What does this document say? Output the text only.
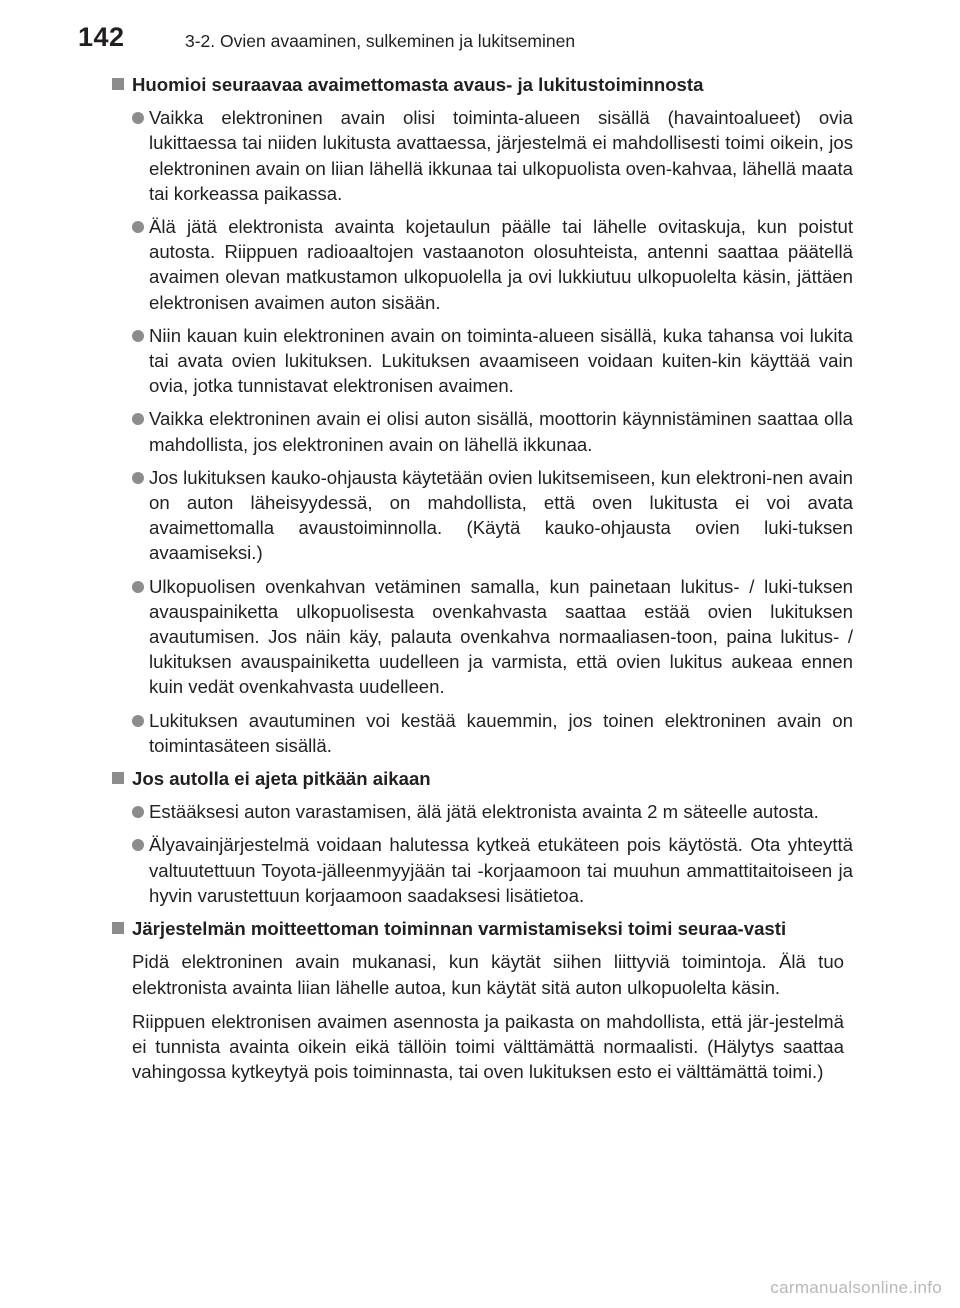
142	3-2. Ovien avaaminen, sulkeminen ja lukitseminen
Huomioi seuraavaa avaimettomasta avaus- ja lukitustoiminnosta
Vaikka elektroninen avain olisi toiminta-alueen sisällä (havaintoalueet) ovia lukittaessa tai niiden lukitusta avattaessa, järjestelmä ei mahdollisesti toimi oikein, jos elektroninen avain on liian lähellä ikkunaa tai ulkopuolista oven-kahvaa, lähellä maata tai korkeassa paikassa.
Älä jätä elektronista avainta kojetaulun päälle tai lähelle ovitaskuja, kun poistut autosta. Riippuen radioaaltojen vastaanoton olosuhteista, antenni saattaa päätellä avaimen olevan matkustamon ulkopuolella ja ovi lukkiutuu ulkopuolelta käsin, jättäen elektronisen avaimen auton sisään.
Niin kauan kuin elektroninen avain on toiminta-alueen sisällä, kuka tahansa voi lukita tai avata ovien lukituksen. Lukituksen avaamiseen voidaan kuiten-kin käyttää vain ovia, jotka tunnistavat elektronisen avaimen.
Vaikka elektroninen avain ei olisi auton sisällä, moottorin käynnistäminen saattaa olla mahdollista, jos elektroninen avain on lähellä ikkunaa.
Jos lukituksen kauko-ohjausta käytetään ovien lukitsemiseen, kun elektroni-nen avain on auton läheisyydessä, on mahdollista, että oven lukitusta ei voi avata avaimettomalla avaustoiminnolla. (Käytä kauko-ohjausta ovien luki-tuksen avaamiseksi.)
Ulkopuolisen ovenkahvan vetäminen samalla, kun painetaan lukitus- / luki-tuksen avauspainiketta ulkopuolisesta ovenkahvasta saattaa estää ovien lukituksen avautumisen. Jos näin käy, palauta ovenkahva normaaliasen-toon, paina lukitus- / lukituksen avauspainiketta uudelleen ja varmista, että ovien lukitus aukeaa ennen kuin vedät ovenkahvasta uudelleen.
Lukituksen avautuminen voi kestää kauemmin, jos toinen elektroninen avain on toimintasäteen sisällä.
Jos autolla ei ajeta pitkään aikaan
Estääksesi auton varastamisen, älä jätä elektronista avainta 2 m säteelle autosta.
Älyavainjärjestelmä voidaan halutessa kytkeä etukäteen pois käytöstä. Ota yhteyttä valtuutettuun Toyota-jälleenmyyjään tai -korjaamoon tai muuhun ammattitaitoiseen ja hyvin varustettuun korjaamoon saadaksesi lisätietoa.
Järjestelmän moitteettoman toiminnan varmistamiseksi toimi seuraa-vasti

Pidä elektroninen avain mukanasi, kun käytät siihen liittyviä toimintoja. Älä tuo elektronista avainta liian lähelle autoa, kun käytät sitä auton ulkopuolelta käsin.

Riippuen elektronisen avaimen asennosta ja paikasta on mahdollista, että jär-jestelmä ei tunnista avainta oikein eikä tällöin toimi välttämättä normaalisti. (Hälytys saattaa vahingossa kytkeytyä pois toiminnasta, tai oven lukituksen esto ei välttämättä toimi.)

carmanualsonline.info
